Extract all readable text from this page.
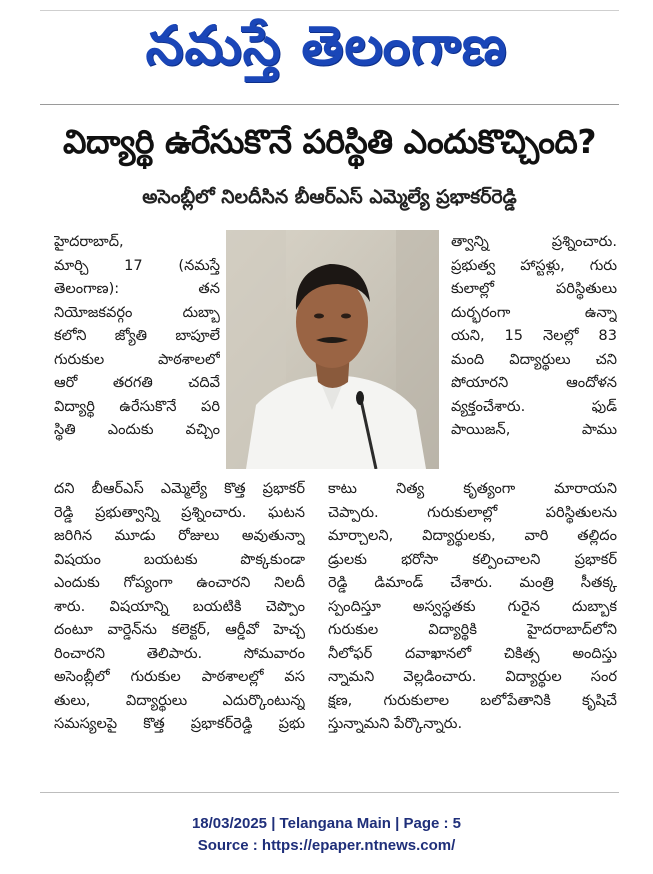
నమస్తే తెలంగాణ
విద్యార్థి ఉరేసుకొనే పరిస్థితి ఎందుకొచ్చింది?
అసెంబ్లీలో నిలదీసిన బీఆర్‌ఎస్ ఎమ్మెల్యే ప్రభాకర్‌రెడ్డి
హైదరాబాద్,
మార్చి 17 (నమస్తే
తెలంగాణ): తన
నియోజకవర్గం దుబ్బా
కలోని జ్యోతి బాపూలే
గురుకుల పాఠశాలలో
ఆరో తరగతి చదివే
విద్యార్థి ఉరేసుకొనే పరి
స్థితి ఎందుకు వచ్చిం
త్వాన్ని ప్రశ్నించారు.
ప్రభుత్వ హాస్టళ్లు, గురు
కులాల్లో పరిస్థితులు
దుర్భరంగా ఉన్నా
యని, 15 నెలల్లో 83
మంది విద్యార్థులు చని
పోయారని ఆందోళన
వ్యక్తంచేశారు. ఫుడ్
పాయిజన్, పాము
దని బీఆర్‌ఎస్ ఎమ్మెల్యే కొత్త ప్రభాకర్
రెడ్డి ప్రభుత్వాన్ని ప్రశ్నించారు. ఘటన
జరిగిన మూడు రోజులు అవుతున్నా
విషయం బయటకు పొక్కకుండా
ఎందుకు గోప్యంగా ఉంచారని నిలదీ
శారు. విషయాన్ని బయటికి చెప్పొం
దంటూ వార్డెన్‌ను కలెక్టర్, ఆర్డీవో హెచ్చ
రించారని తెలిపారు. సోమవారం
అసెంబ్లీలో గురుకుల పాఠశాలల్లో వస
తులు, విద్యార్థులు ఎదుర్కొంటున్న
సమస్యలపై కొత్త ప్రభాకర్‌రెడ్డి ప్రభు
కాటు నిత్య కృత్యంగా మారాయని
చెప్పారు. గురుకులాల్లో పరిస్థితులను
మార్చాలని, విద్యార్థులకు, వారి తల్లిదం
డ్రులకు భరోసా కల్పించాలని ప్రభాకర్
రెడ్డి డిమాండ్ చేశారు. మంత్రి సీతక్క
స్పందిస్తూ అస్వస్థతకు గురైన దుబ్బాక
గురుకుల విద్యార్థికి హైదరాబాద్‌లోని
నీలోఫర్ దవాఖానలో చికిత్స అందిస్తు
న్నామని వెల్లడించారు. విద్యార్థుల సంర
క్షణ, గురుకులాల బలోపేతానికి కృషిచే
స్తున్నామని పేర్కొన్నారు.
18/03/2025 | Telangana Main | Page : 5
Source : https://epaper.ntnews.com/
